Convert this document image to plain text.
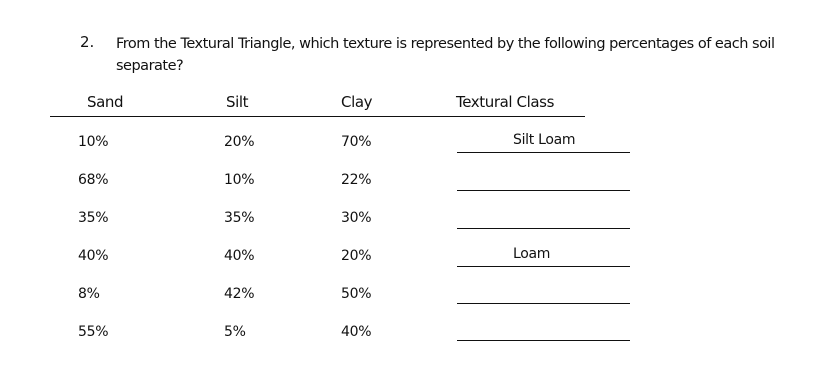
2. From the Textural Triangle, which texture is represented by the following percentages of each soil separate?
Sand	Silt	Clay	Textural Class
10%	20%	70%	Silt Loam
68%	10%	22%
35%	35%	30%
40%	40%	20%	Loam
8%	42%	50%
55%	5%	40%
